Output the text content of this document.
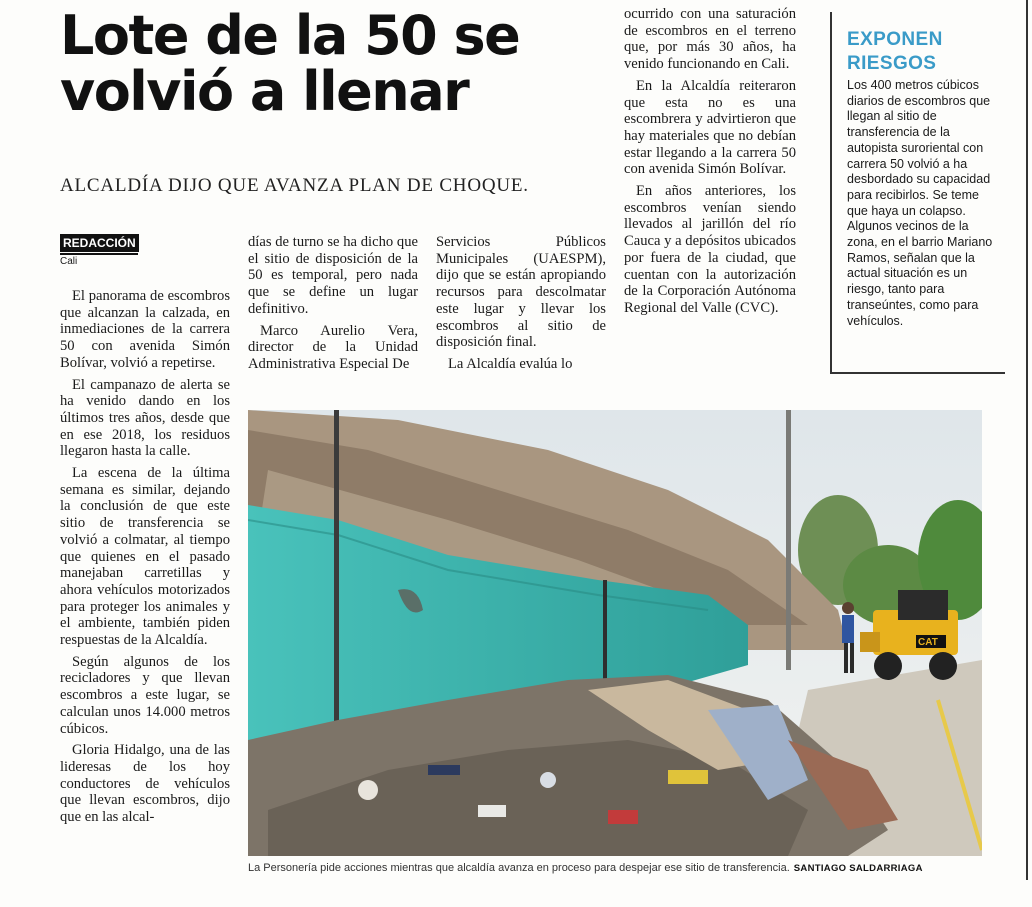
Lote de la 50 se volvió a llenar
ALCALDÍA DIJO QUE AVANZA PLAN DE CHOQUE.
REDACCIÓN
Cali

El panorama de escombros que alcanzan la calzada, en inmediaciones de la carrera 50 con avenida Simón Bolívar, volvió a repetirse.

El campanazo de alerta se ha venido dando en los últimos tres años, desde que en ese 2018, los residuos llegaron hasta la calle.

La escena de la última semana es similar, dejando la conclusión de que este sitio de transferencia se volvió a colmatar, al tiempo que quienes en el pasado manejaban carretillas y ahora vehículos motorizados para proteger los animales y el ambiente, también piden respuestas de la Alcaldía.

Según algunos de los recicladores y que llevan escombros a este lugar, se calculan unos 14.000 metros cúbicos.

Gloria Hidalgo, una de las lideresas de los hoy conductores de vehículos que llevan escombros, dijo que en las alcal-

días de turno se ha dicho que el sitio de disposición de la 50 es temporal, pero nada que se define un lugar definitivo.

Marco Aurelio Vera, director de la Unidad Administrativa Especial De

Servicios Públicos Municipales (UAESPM), dijo que se están apropiando recursos para descolmatar este lugar y llevar los escombros al sitio de disposición final.

La Alcaldía evalúa lo

ocurrido con una saturación de escombros en el terreno que, por más 30 años, ha venido funcionando en Cali.

En la Alcaldía reiteraron que esta no es una escombrera y advirtieron que hay materiales que no debían estar llegando a la carrera 50 con avenida Simón Bolívar.

En años anteriores, los escombros venían siendo llevados al jarillón del río Cauca y a depósitos ubicados por fuera de la ciudad, que cuentan con la autorización de la Corporación Autónoma Regional del Valle (CVC).

EXPONEN RIESGOS
Los 400 metros cúbicos diarios de escombros que llegan al sitio de transferencia de la autopista suroriental con carrera 50 volvió a ha desbordado su capacidad para recibirlos. Se teme que haya un colapso. Algunos vecinos de la zona, en el barrio Mariano Ramos, señalan que la actual situación es un riesgo, tanto para transeúntes, como para vehículos.
CAT
La Personería pide acciones mientras que alcaldía avanza en proceso para despejar ese sitio de transferencia. SANTIAGO SALDARRIAGA
